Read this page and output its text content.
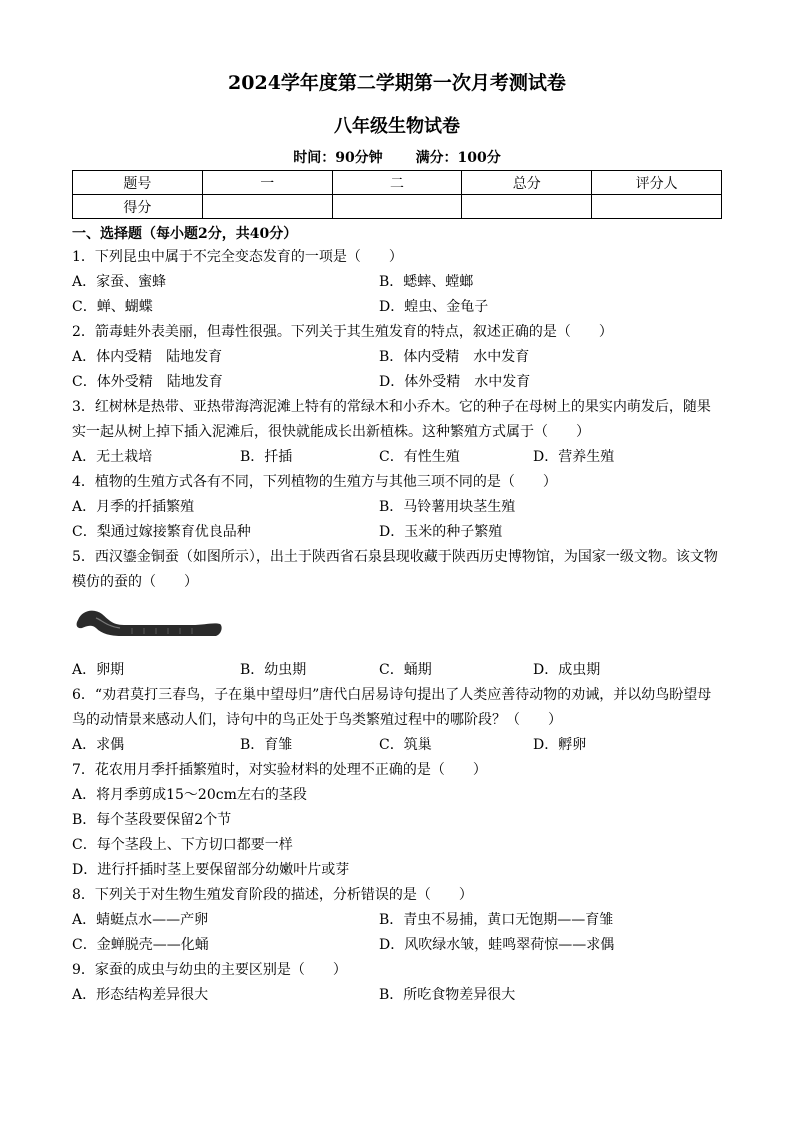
2024学年度第二学期第一次月考测试卷
八年级生物试卷
时间：90分钟 满分：100分
题号	一	二	总分	评分人
得分				
一、选择题（每小题2分，共40分）
1．下列昆虫中属于不完全变态发育的一项是（　　）
A．家蚕、蜜蜂	B．蟋蟀、螳螂
C．蝉、蝴蝶	D．蝗虫、金龟子
2．箭毒蛙外表美丽，但毒性很强。下列关于其生殖发育的特点，叙述正确的是（　　）
A．体内受精　陆地发育	B．体内受精　水中发育
C．体外受精　陆地发育	D．体外受精　水中发育
3．红树林是热带、亚热带海湾泥滩上特有的常绿木和小乔木。它的种子在母树上的果实内萌发后，随果
实一起从树上掉下插入泥滩后，很快就能成长出新植株。这种繁殖方式属于（　　）
A．无土栽培	B．扦插	C．有性生殖	D．营养生殖
4．植物的生殖方式各有不同，下列植物的生殖方与其他三项不同的是（　　）
A．月季的扦插繁殖	B．马铃薯用块茎生殖
C．梨通过嫁接繁育优良品种	D．玉米的种子繁殖
5．西汉鎏金铜蚕（如图所示），出土于陕西省石泉县现收藏于陕西历史博物馆，为国家一级文物。该文物
模仿的蚕的（　　）
A．卵期	B．幼虫期	C．蛹期	D．成虫期
6．“劝君莫打三春鸟，子在巢中望母归”唐代白居易诗句提出了人类应善待动物的劝诫，并以幼鸟盼望母
鸟的动情景来感动人们，诗句中的鸟正处于鸟类繁殖过程中的哪阶段？（　　）
A．求偶	B．育雏	C．筑巢	D．孵卵
7．花农用月季扦插繁殖时，对实验材料的处理不正确的是（　　）
A．将月季剪成15～20cm左右的茎段
B．每个茎段要保留2个节
C．每个茎段上、下方切口都要一样
D．进行扦插时茎上要保留部分幼嫩叶片或芽
8．下列关于对生物生殖发育阶段的描述，分析错误的是（　　）
A．蜻蜓点水——产卵	B．青虫不易捕，黄口无饱期——育雏
C．金蝉脱壳——化蛹	D．风吹绿水皱，蛙鸣翠荷惊——求偶
9．家蚕的成虫与幼虫的主要区别是（　　）
A．形态结构差异很大	B．所吃食物差异很大
